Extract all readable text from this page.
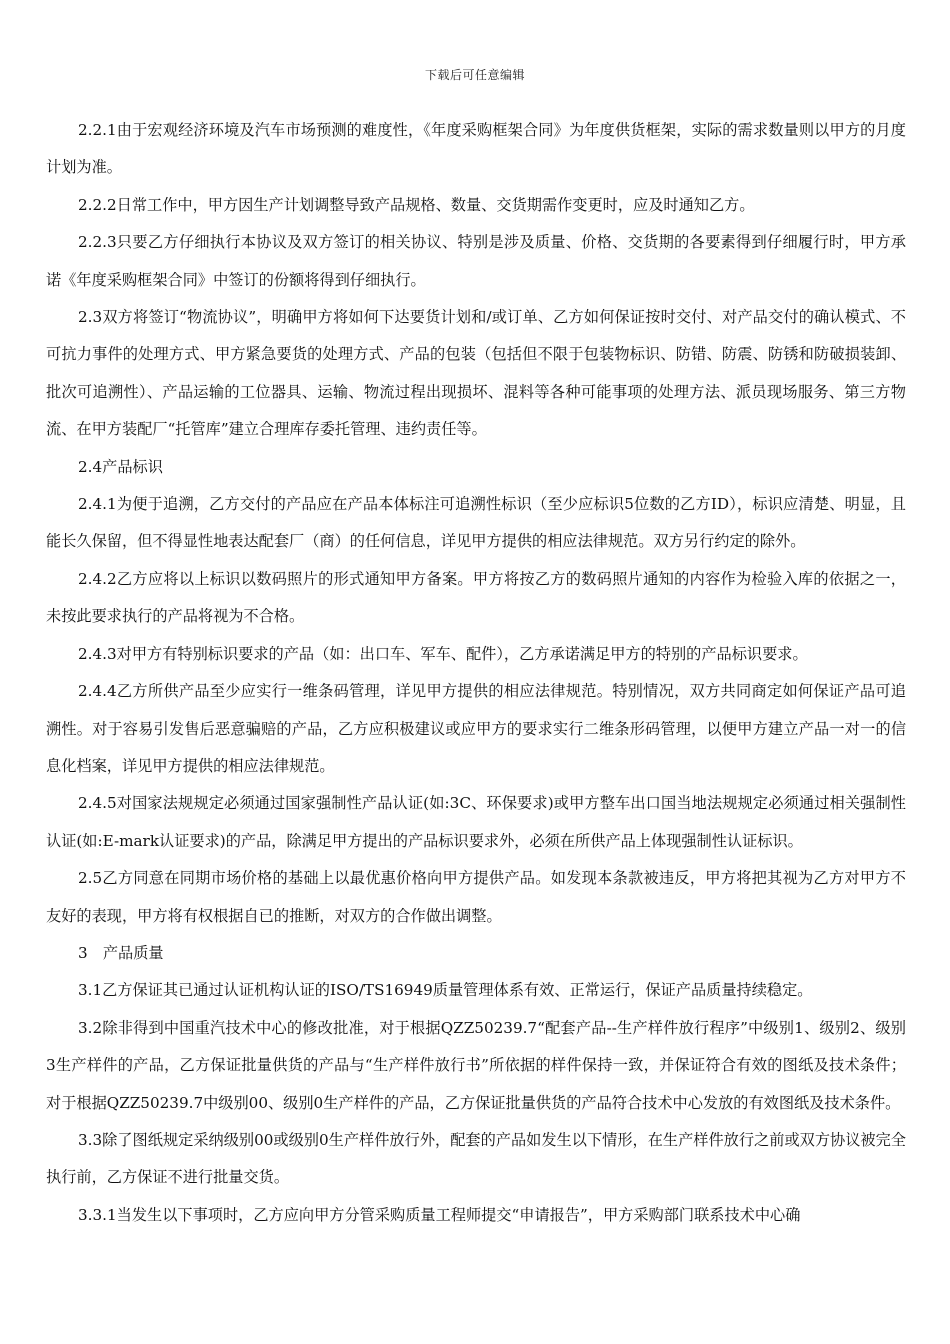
下载后可任意编辑

2.2.1由于宏观经济环境及汽车市场预测的难度性，《年度采购框架合同》为年度供货框架，实际的需求数量则以甲方的月度计划为准。

2.2.2日常工作中，甲方因生产计划调整导致产品规格、数量、交货期需作变更时，应及时通知乙方。

2.2.3只要乙方仔细执行本协议及双方签订的相关协议、特别是涉及质量、价格、交货期的各要素得到仔细履行时，甲方承诺《年度采购框架合同》中签订的份额将得到仔细执行。

2.3双方将签订“物流协议”，明确甲方将如何下达要货计划和/或订单、乙方如何保证按时交付、对产品交付的确认模式、不可抗力事件的处理方式、甲方紧急要货的处理方式、产品的包装（包括但不限于包装物标识、防错、防震、防锈和防破损装卸、批次可追溯性）、产品运输的工位器具、运输、物流过程出现损坏、混料等各种可能事项的处理方法、派员现场服务、第三方物流、在甲方装配厂“托管库”建立合理库存委托管理、违约责任等。

2.4产品标识

2.4.1为便于追溯，乙方交付的产品应在产品本体标注可追溯性标识（至少应标识5位数的乙方ID），标识应清楚、明显，且能长久保留，但不得显性地表达配套厂（商）的任何信息，详见甲方提供的相应法律规范。双方另行约定的除外。

2.4.2乙方应将以上标识以数码照片的形式通知甲方备案。甲方将按乙方的数码照片通知的内容作为检验入库的依据之一，未按此要求执行的产品将视为不合格。

2.4.3对甲方有特别标识要求的产品（如：出口车、军车、配件），乙方承诺满足甲方的特别的产品标识要求。

2.4.4乙方所供产品至少应实行一维条码管理，详见甲方提供的相应法律规范。特别情况，双方共同商定如何保证产品可追溯性。对于容易引发售后恶意骗赔的产品，乙方应积极建议或应甲方的要求实行二维条形码管理，以便甲方建立产品一对一的信息化档案，详见甲方提供的相应法律规范。

2.4.5对国家法规规定必须通过国家强制性产品认证(如:3C、环保要求)或甲方整车出口国当地法规规定必须通过相关强制性认证(如:E-mark认证要求)的产品，除满足甲方提出的产品标识要求外，必须在所供产品上体现强制性认证标识。

2.5乙方同意在同期市场价格的基础上以最优惠价格向甲方提供产品。如发现本条款被违反，甲方将把其视为乙方对甲方不友好的表现，甲方将有权根据自已的推断，对双方的合作做出调整。

3　产品质量

3.1乙方保证其已通过认证机构认证的ISO/TS16949质量管理体系有效、正常运行，保证产品质量持续稳定。

3.2除非得到中国重汽技术中心的修改批准，对于根据QZZ50239.7“配套产品--生产样件放行程序”中级别1、级别2、级别3生产样件的产品，乙方保证批量供货的产品与“生产样件放行书”所依据的样件保持一致，并保证符合有效的图纸及技术条件；对于根据QZZ50239.7中级别00、级别0生产样件的产品，乙方保证批量供货的产品符合技术中心发放的有效图纸及技术条件。

3.3除了图纸规定采纳级别00或级别0生产样件放行外，配套的产品如发生以下情形，在生产样件放行之前或双方协议被完全执行前，乙方保证不进行批量交货。

3.3.1当发生以下事项时，乙方应向甲方分管采购质量工程师提交“申请报告”，甲方采购部门联系技术中心确
